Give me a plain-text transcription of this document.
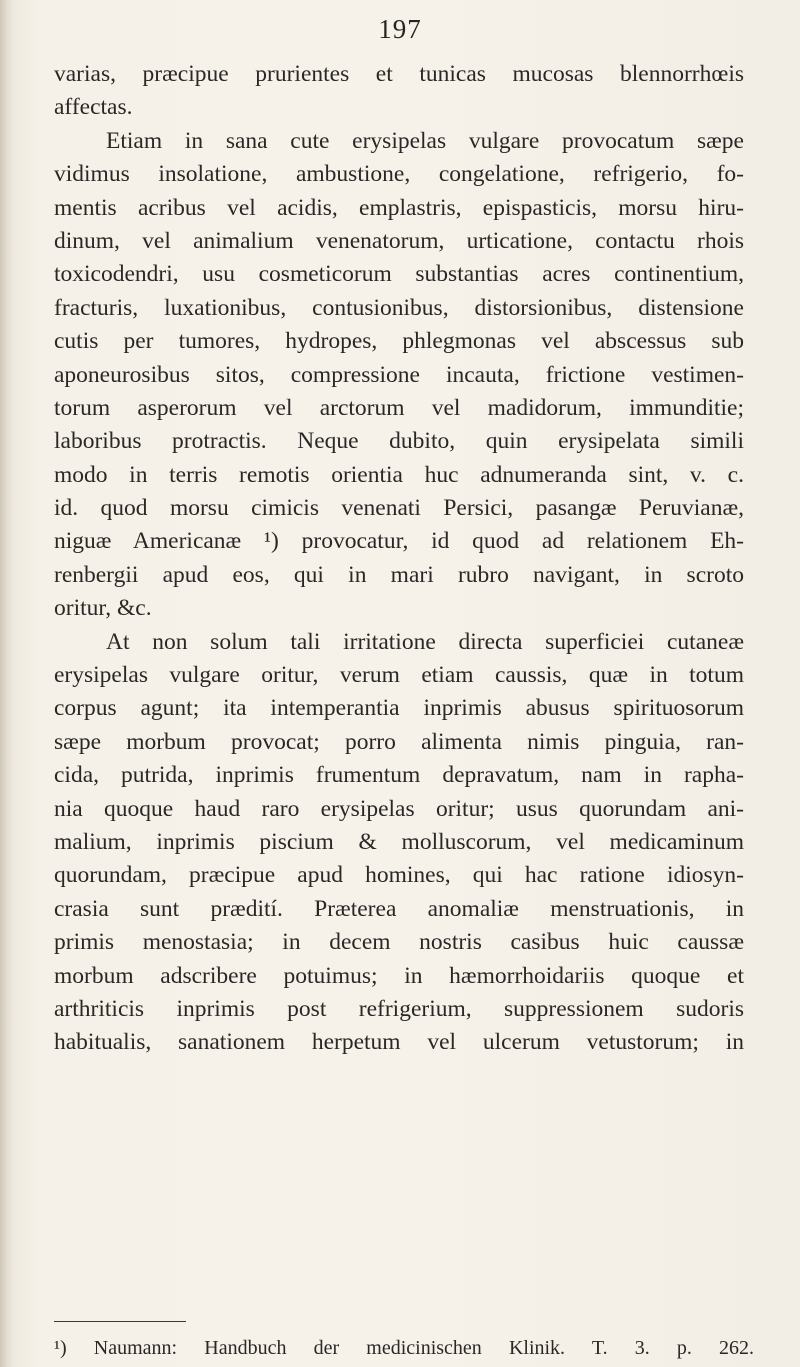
197
varias, præcipue prurientes et tunicas mucosas blennorrhœis
affectas.
Etiam in sana cute erysipelas vulgare provocatum sæpe
vidimus insolatione, ambustione, congelatione, refrigerio, fo-
mentis acribus vel acidis, emplastris, epispasticis, morsu hiru-
dinum, vel animalium venenatorum, urticatione, contactu rhois
toxicodendri, usu cosmeticorum substantias acres continentium,
fracturis, luxationibus, contusionibus, distorsionibus, distensione
cutis per tumores, hydropes, phlegmonas vel abscessus sub
aponeurosibus sitos, compressione incauta, frictione vestimen-
torum asperorum vel arctorum vel madidorum, immunditie;
laboribus protractis. Neque dubito, quin erysipelata simili
modo in terris remotis orientia huc adnumeranda sint, v. c.
id. quod morsu cimicis venenati Persici, pasangæ Peruvianæ,
niguæ Americanæ ¹) provocatur, id quod ad relationem Eh-
renbergii apud eos, qui in mari rubro navigant, in scroto
oritur, &c.
At non solum tali irritatione directa superficiei cutaneæ
erysipelas vulgare oritur, verum etiam caussis, quæ in totum
corpus agunt; ita intemperantia inprimis abusus spirituosorum
sæpe morbum provocat; porro alimenta nimis pinguia, ran-
cida, putrida, inprimis frumentum depravatum, nam in rapha-
nia quoque haud raro erysipelas oritur; usus quorundam ani-
malium, inprimis piscium & molluscorum, vel medicaminum
quorundam, præcipue apud homines, qui hac ratione idiosyn-
crasia sunt prædití. Præterea anomaliæ menstruationis, in
primis menostasia; in decem nostris casibus huic caussæ
morbum adscribere potuimus; in hæmorrhoidariis quoque et
arthriticis inprimis post refrigerium, suppressionem sudoris
habitualis, sanationem herpetum vel ulcerum vetustorum; in
¹) Naumann: Handbuch der medicinischen Klinik. T. 3. p. 262.
